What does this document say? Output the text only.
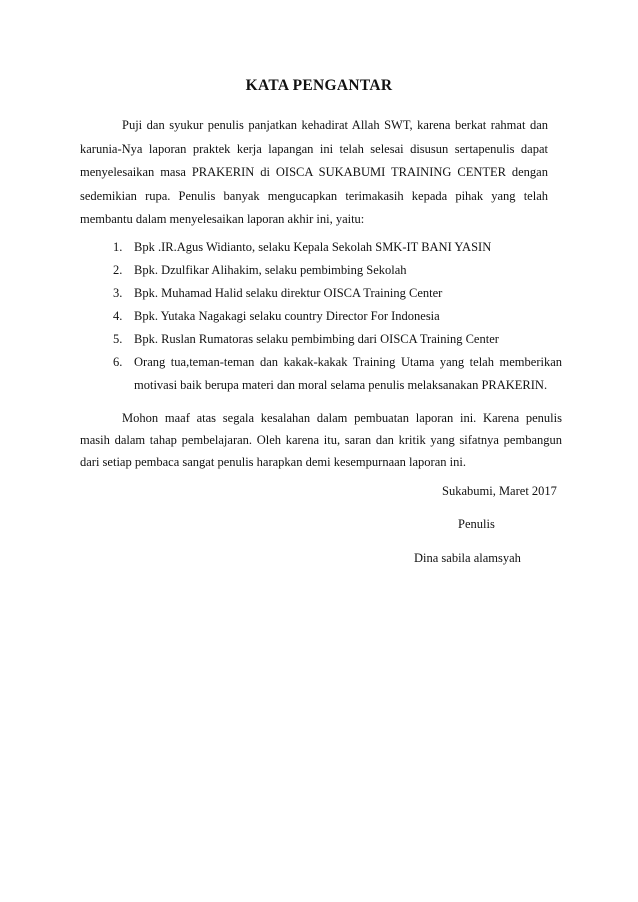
KATA PENGANTAR
Puji dan syukur penulis panjatkan kehadirat Allah SWT, karena berkat rahmat dan
karunia-Nya laporan praktek kerja lapangan ini telah selesai disusun sertapenulis dapat
menyelesaikan masa PRAKERIN di OISCA SUKABUMI TRAINING CENTER dengan
sedemikian rupa. Penulis banyak mengucapkan terimakasih kepada pihak yang telah
membantu dalam menyelesaikan laporan akhir ini, yaitu:
1. Bpk .IR.Agus Widianto, selaku Kepala Sekolah SMK-IT BANI YASIN
2. Bpk. Dzulfikar Alihakim, selaku pembimbing Sekolah
3. Bpk. Muhamad Halid selaku direktur OISCA Training Center
4. Bpk. Yutaka Nagakagi selaku country Director For Indonesia
5. Bpk. Ruslan Rumatoras selaku pembimbing dari OISCA Training Center
6. Orang tua,teman-teman dan kakak-kakak Training Utama yang telah memberikan
motivasi baik berupa materi dan moral selama penulis melaksanakan PRAKERIN.
Mohon maaf atas segala kesalahan dalam pembuatan laporan ini. Karena penulis
masih dalam tahap pembelajaran. Oleh karena itu, saran dan kritik yang sifatnya pembangun
dari setiap pembaca sangat penulis harapkan demi kesempurnaan laporan ini.
Sukabumi, Maret 2017
Penulis
Dina sabila alamsyah
